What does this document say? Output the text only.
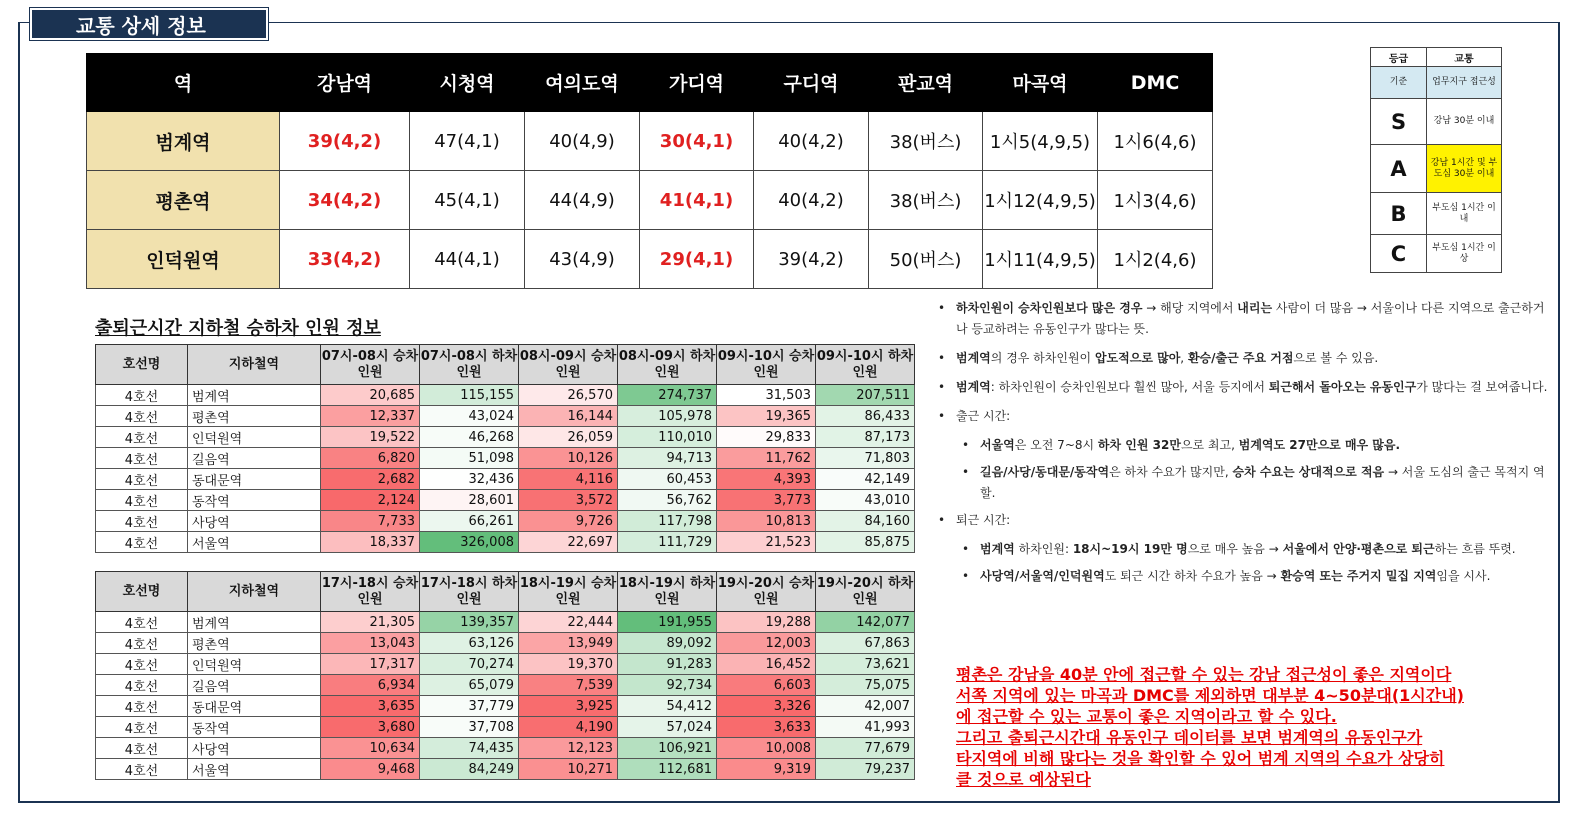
교통 상세 정보
역	강남역	시청역	여의도역	가디역	구디역	판교역	마곡역	DMC
범계역	39(4,2)	47(4,1)	40(4,9)	30(4,1)	40(4,2)	38(버스)	1시5(4,9,5)	1시6(4,6)
평촌역	34(4,2)	45(4,1)	44(4,9)	41(4,1)	40(4,2)	38(버스)	1시12(4,9,5)	1시3(4,6)
인덕원역	33(4,2)	44(4,1)	43(4,9)	29(4,1)	39(4,2)	50(버스)	1시11(4,9,5)	1시2(4,6)
등급	교통
기준	업무지구 접근성
S	강남 30분 이내
A	강남 1시간 및 부도심 30분 이내
B	부도심 1시간 이내
C	부도심 1시간 이상
출퇴근시간 지하철 승하차 인원 정보
호선명	지하철역	07시-08시 승차인원	07시-08시 하차인원	08시-09시 승차인원	08시-09시 하차인원	09시-10시 승차인원	09시-10시 하차인원
4호선	범계역	20,685	115,155	26,570	274,737	31,503	207,511
4호선	평촌역	12,337	43,024	16,144	105,978	19,365	86,433
4호선	인덕원역	19,522	46,268	26,059	110,010	29,833	87,173
4호선	길음역	6,820	51,098	10,126	94,713	11,762	71,803
4호선	동대문역	2,682	32,436	4,116	60,453	4,393	42,149
4호선	동작역	2,124	28,601	3,572	56,762	3,773	43,010
4호선	사당역	7,733	66,261	9,726	117,798	10,813	84,160
4호선	서울역	18,337	326,008	22,697	111,729	21,523	85,875
호선명	지하철역	17시-18시 승차인원	17시-18시 하차인원	18시-19시 승차인원	18시-19시 하차인원	19시-20시 승차인원	19시-20시 하차인원
4호선	범계역	21,305	139,357	22,444	191,955	19,288	142,077
4호선	평촌역	13,043	63,126	13,949	89,092	12,003	67,863
4호선	인덕원역	17,317	70,274	19,370	91,283	16,452	73,621
4호선	길음역	6,934	65,079	7,539	92,734	6,603	75,075
4호선	동대문역	3,635	37,779	3,925	54,412	3,326	42,007
4호선	동작역	3,680	37,708	4,190	57,024	3,633	41,993
4호선	사당역	10,634	74,435	12,123	106,921	10,008	77,679
4호선	서울역	9,468	84,249	10,271	112,681	9,319	79,237
• 하차인원이 승차인원보다 많은 경우 → 해당 지역에서 내리는 사람이 더 많음 → 서울이나 다른 지역으로 출근하거나 등교하려는 유동인구가 많다는 뜻.
• 범계역의 경우 하차인원이 압도적으로 많아, 환승/출근 주요 거점으로 볼 수 있음.
• 범계역: 하차인원이 승차인원보다 훨씬 많아, 서울 등지에서 퇴근해서 돌아오는 유동인구가 많다는 걸 보여줍니다.
• 출근 시간:
• 서울역은 오전 7~8시 하차 인원 32만으로 최고, 범계역도 27만으로 매우 많음.
• 길음/사당/동대문/동작역은 하차 수요가 많지만, 승차 수요는 상대적으로 적음 → 서울 도심의 출근 목적지 역할.
• 퇴근 시간:
• 범계역 하차인원: 18시~19시 19만 명으로 매우 높음 → 서울에서 안양·평촌으로 퇴근하는 흐름 뚜렷.
• 사당역/서울역/인덕원역도 퇴근 시간 하차 수요가 높음 → 환승역 또는 주거지 밀집 지역임을 시사.
평촌은 강남을 40분 안에 접근할 수 있는 강남 접근성이 좋은 지역이다
서쪽 지역에 있는 마곡과 DMC를 제외하면 대부분 4~50분대(1시간내)
에 접근할 수 있는 교통이 좋은 지역이라고 할 수 있다.
그리고 출퇴근시간대 유동인구 데이터를 보면 범계역의 유동인구가
타지역에 비해 많다는 것을 확인할 수 있어 범계 지역의 수요가 상당히
클 것으로 예상된다
